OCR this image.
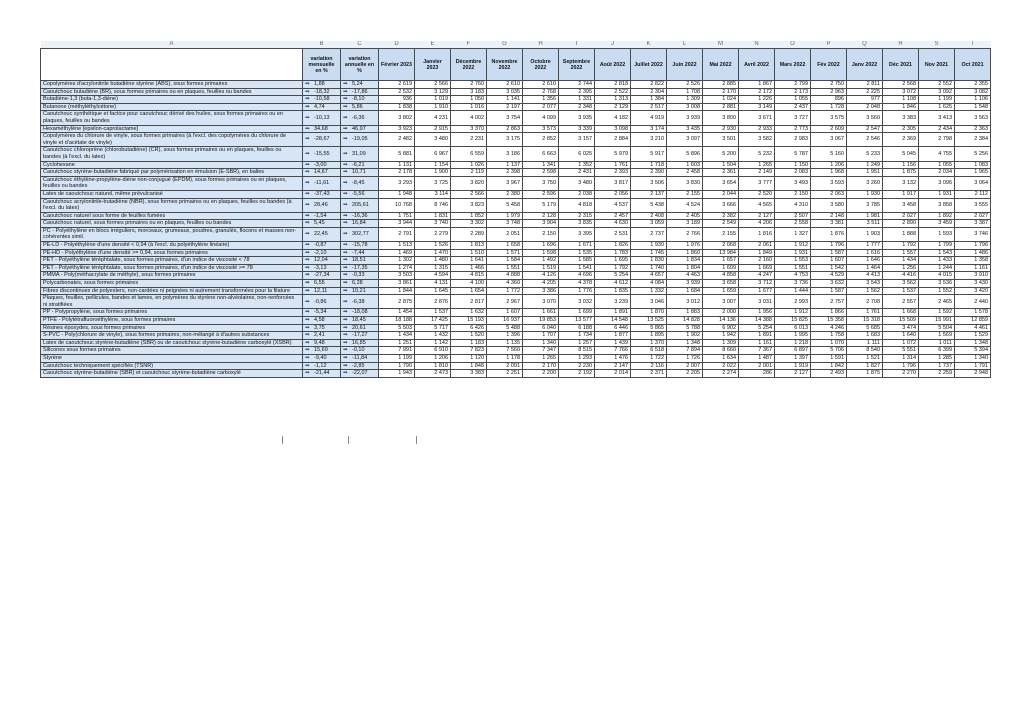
A	B	C	D	E	F	G	H	I	J	K	L	M	N	O	P	Q	R	S	T
	variation mensuelle en %	variation annuelle en %	Février 2023	Janvier 2023	Décembre 2022	Novembre 2022	Octobre 2022	Septembre 2022	Août 2022	Juillet 2022	Juin 2022	Mai 2022	Avril 2022	Mars 2022	Fév 2022	Janv 2022	Déc 2021	Nov 2021	Oct 2021
Copolymères d'acrylonitrile butadiène styrène (ABS), sous formes primaires	➡ 1,88	➡ 5,24	2 619	2 566	2 760	2 610	2 610	2 744	2 818	2 822	2 526	2 885	1 867	2 799	2 750	2 811	2 568	2 552	2 355
Caoutchouc butadiène (BR), sous formes primaires ou en plaques, feuilles ou bandes	➡ -18,32	➡ -17,86	2 532	3 129	3 183	3 035	2 768	2 395	2 522	2 304	1 708	2 170	2 172	2 173	2 963	2 225	3 072	3 092	3 082
Butadiène-1,3 (buta-1,3-diène)	➡ -10,58	➡ -8,10	936	1 019	1 050	1 141	1 356	1 331	1 313	1 384	1 309	1 024	1 226	1 055	896	977	1 108	1 199	1 106
Butanone (méthyléthylcétone)	➡ 4,74	➡ 5,86	1 838	1 910	1 016	2 197	2 077	2 348	2 129	2 517	3 008	2 881	3 149	2 437	1 728	2 048	1 846	1 625	1 548
Caoutchouc synthétique et factice pour caoutchouc dérivé des huiles, sous formes primaires ou en plaques, feuilles ou bandes	➡ -10,13	➡ -6,36	3 802	4 231	4 002	3 754	4 099	3 935	4 182	4 919	3 939	3 800	3 671	3 727	3 575	3 560	3 383	3 413	3 563
Hexaméthylène [epsilon-caprolactame]	➡ 34,68	➡ 46,97	3 923	2 915	3 370	2 863	3 573	3 339	3 098	3 174	3 435	2 930	2 933	2 773	2 609	2 547	2 305	2 434	2 363
Copolymères du chlorure de vinyle, sous formes primaires (à l'excl. des copolymères du chlorure de vinyle et d'acétate de vinyle)	➡ -28,67	➡ -19,05	2 482	3 480	2 231	3 175	2 852	3 157	2 884	3 210	3 097	3 501	3 582	2 983	3 067	2 546	2 369	2 798	2 384
Caoutchouc chloroprène (chlorobutadiène) (CR), sous formes primaires ou en plaques, feuilles ou bandes (à l'excl. du latex)	➡ -15,55	➡ 31,09	5 881	6 967	6 559	3 186	6 663	6 025	5 979	5 917	5 896	5 200	5 232	5 787	5 160	5 233	5 045	4 755	5 256
Cyclohexane	➡ -3,00	➡ -6,21	1 131	1 154	1 026	1 137	1 341	1 352	1 761	1 718	1 603	1 504	1 265	1 150	1 206	1 249	1 156	1 055	1 083
Caoutchouc styrène-butadiène fabriqué par polymérisation en émulsion (E-SBR), en balles	➡ 14,67	➡ 10,71	2 178	1 900	2 119	2 398	2 598	2 431	2 393	2 390	2 458	2 361	2 149	2 083	1 968	1 951	1 875	2 034	1 965
Caoutchouc éthylène-propylène-diène non-conjugué (EPDM), sous formes primaires ou en plaques, feuilles ou bandes	➡ -11,61	➡ -8,45	3 293	3 725	3 820	3 967	3 750	3 480	3 817	3 506	3 830	3 654	3 777	3 493	3 593	3 260	3 132	3 096	3 064
Latex de caoutchouc naturel, même prévulcanisé	➡ -37,43	➡ -5,56	1 948	3 114	2 566	2 380	2 596	2 038	2 056	2 137	2 155	2 044	2 520	2 150	2 063	1 930	1 917	1 931	2 112
Caoutchouc acrylonitrile-butadiène (NBR), sous formes primaires ou en plaques, feuilles ou bandes (à l'excl. du latex)	➡ 28,46	➡ 205,61	10 768	8 746	3 823	5 458	5 179	4 818	4 537	5 438	4 524	3 666	4 565	4 310	3 580	3 785	3 458	3 858	3 555
Caoutchouc naturel sous forme de feuilles fumées	➡ -1,54	➡ -16,36	1 751	1 831	1 852	1 979	2 128	2 315	2 457	2 408	2 405	2 382	2 127	2 507	2 148	1 981	2 027	1 892	2 027
Caoutchouc naturel, sous formes primaires ou en plaques, feuilles ou bandes	➡ 5,45	➡ 16,84	3 944	3 740	3 302	3 748	3 904	3 835	4 630	3 059	3 189	2 549	4 206	2 558	3 381	3 511	2 890	3 459	3 387
PC - Polyéthylène en blocs irréguliers, morceaux, grumeaux, poudres, granulés, flocons et masses non-cohérentes simil.	➡ 22,45	➡ 302,77	2 791	2 279	2 289	2 051	2 150	3 395	2 531	2 737	2 766	2 155	1 816	1 327	1 876	1 903	1 888	1 593	3 746
PE-LD - Polyéthylène d'une densité < 0,94 (à l'excl. du polyéthylène linéaire)	➡ -0,87	➡ -15,78	1 513	1 526	1 813	1 658	1 696	1 671	1 826	1 930	1 976	2 068	2 061	1 912	1 796	1 777	1 792	1 799	1 796
PE-HD - Polyéthylène d'une densité >= 0,94, sous formes primaires	➡ -2,10	➡ -7,44	1 469	1 470	1 510	1 571	1 598	1 535	1 783	1 745	1 860	13 984	1 849	1 931	1 587	1 616	1 557	1 543	1 486
PET - Polyéthylène téréphtalate, sous formes primaires, d'un indice de viscosité < 78	➡ 12,04	➡ 18,51	1 302	1 480	1 641	1 584	1 492	1 585	1 695	1 830	1 834	1 657	2 160	1 553	1 607	1 646	1 434	1 433	1 358
PET - Polyéthylène téréphtalate, sous formes primaires, d'un indice de viscosité >= 78	➡ -3,13	➡ -17,35	1 274	1 315	1 466	1 551	1 519	1 541	1 792	1 740	1 804	1 609	1 669	1 551	1 542	1 464	1 256	1 244	1 161
PMMA - Poly(méthacrylate de méthyle), sous formes primaires	➡ -27,34	➡ -0,33	3 503	4 594	4 815	4 888	4 126	4 696	5 254	4 657	4 463	4 858	4 247	4 753	4 529	4 413	4 416	4 015	3 910
Polycarbonates, sous formes primaires	➡ 6,55	➡ 6,28	3 861	4 131	4 100	4 360	4 205	4 378	4 612	4 084	3 939	3 658	3 712	3 736	3 632	3 543	3 562	3 536	3 430
Fibres discontinues de polyesters, non-cardées ni peignées ni autrement transformées pour la filature	➡ 12,11	➡ 10,21	1 844	1 645	1 654	1 772	3 386	1 776	1 835	1 332	1 684	1 659	1 677	1 444	1 587	1 562	1 537	1 552	3 420
Plaques, feuilles, pellicules, bandes et lames, en polymères du styrène non-alvéolaires, non-renforcées ni stratifiées	➡ -0,86	➡ -6,38	2 875	2 876	2 817	2 967	3 070	3 032	3 239	3 046	3 012	3 007	3 031	2 993	2 757	2 708	2 557	2 465	2 440
PP - Polypropylène, sous formes primaires	➡ -5,34	➡ -18,08	1 454	1 537	1 632	1 607	1 661	1 699	1 891	1 870	1 883	2 000	1 956	1 912	1 866	1 761	1 668	1 592	1 578
PTFE - Polytétrafluoroéthylène, sous formes primaires	➡ 4,58	➡ 18,45	18 188	17 425	15 193	16 937	19 853	13 577	14 548	13 525	14 828	14 136	14 388	15 825	15 358	15 318	15 509	15 991	12 859
Résines époxydes, sous formes primaires	➡ 3,75	➡ 20,61	5 503	5 717	6 426	5 488	6 040	6 188	6 446	5 865	5 788	6 902	5 254	6 013	4 246	5 685	3 474	5 504	4 461
S-PVC - Poly(chlorure de vinyle), sous formes primaires, non-mélangé à d'autres substances	➡ 2,41	➡ -17,27	1 434	1 432	1 520	1 396	1 707	1 734	1 877	1 895	1 902	1 942	1 891	1 995	1 758	1 683	1 640	1 569	1 529
Latex de caoutchouc styrène-butadiène (SBR) ou de caoutchouc styrène-butadiène carboxylé (XSBR)	➡ 9,48	➡ 16,85	1 251	1 142	1 183	1 135	1 340	1 257	1 439	1 370	1 348	1 309	1 161	1 218	1 070	1 111	1 072	1 011	1 348
Silicones sous formes primaires	➡ 15,69	➡ -0,10	7 991	6 910	7 823	7 560	7 347	8 515	7 766	6 518	7 894	8 660	7 367	6 897	5 706	8 540	5 551	6 399	5 394
Styrène	➡ -9,40	➡ -11,84	1 199	1 206	1 120	1 178	1 265	1 293	1 476	1 722	1 726	1 634	1 487	1 397	1 591	1 521	1 314	1 285	1 340
Caoutchouc techniquement spécifiés (TSNR)	➡ -1,12	➡ -2,85	1 790	1 810	1 848	2 091	2 170	2 230	2 147	2 116	2 007	2 022	2 001	1 919	1 842	1 827	1 796	1 737	1 791
Caoutchouc styrène-butadiène (SBR) et caoutchouc styrène-butadiène carboxylé	➡ -21,44	➡ -22,07	1 943	2 473	3 383	2 251	2 200	2 192	2 014	2 371	2 205	2 274	286	2 127	2 493	1 875	2 270	2 259	2 948
